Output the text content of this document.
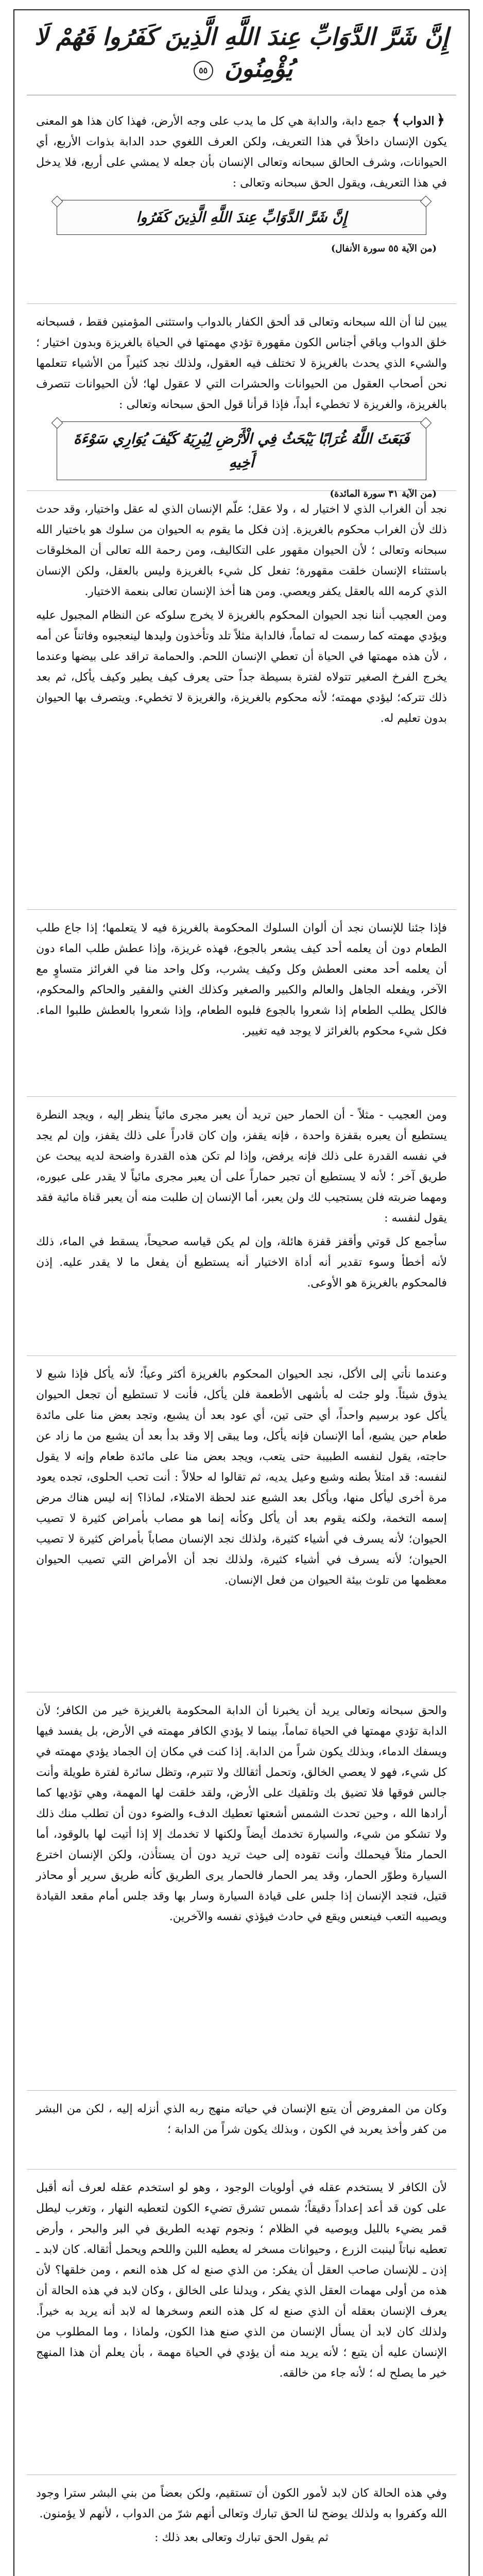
إِنَّ شَرَّ الدَّوَابِّ عِندَ اللَّهِ الَّذِينَ كَفَرُوا فَهُمْ لَا يُؤْمِنُونَ ٥٥

﴿الدواب﴾ جمع دابة، والدابة هي كل ما يدب على وجه الأرض، فهذا كان هذا هو المعنى يكون الإنسان داخلاً في هذا التعريف، ولكن العرف اللغوي حدد الدابة بذوات الأربع، أي الحيوانات، وشرف الحالق سبحانه وتعالى الإنسان بأن جعله لا يمشي على أربع، فلا يدخل في هذا التعريف، ويقول الحق سبحانه وتعالى :

إِنَّ شَرَّ الدَّوَابِّ عِندَ اللَّهِ الَّذِينَ كَفَرُوا
(من الآية ٥٥ سورة الأنفال)

يبين لنا أن الله سبحانه وتعالى قد ألحق الكفار بالدواب واستثنى المؤمنين فقط ، فسبحانه خلق الدواب وباقي أجناس الكون مقهورة تؤدي مهمتها في الحياة بالغريزة وبدون اختيار ؛ والشيء الذي يحدث بالغريزة لا تختلف فيه العقول، ولذلك نجد كثيراً من الأشياء تتعلمها نحن أصحاب العقول من الحيوانات والحشرات التي لا عقول لها؛ لأن الحيوانات تتصرف بالغريزة، والغريزة لا تخطيء أبداً، فإذا قرأنا قول الحق سبحانه وتعالى :

فَبَعَثَ اللَّهُ غُرَابًا يَبْحَثُ فِي الْأَرْضِ لِيُرِيَهُ كَيْفَ يُوَارِي سَوْءَةَ أَخِيهِ
(من الآية ٣١ سورة المائدة)

نجد أن الغراب الذي لا اختيار له ، ولا عقل؛ علّم الإنسان الذي له عقل واختيار، وقد حدث ذلك لأن الغراب محكوم بالغريزة. إذن فكل ما يقوم به الحيوان من سلوك هو باختيار الله سبحانه وتعالى ؛ لأن الحيوان مقهور على التكاليف، ومن رحمة الله تعالى أن المخلوقات باستثناء الإنسان خلقت مقهورة؛ تفعل كل شيء بالغريزة وليس بالعقل، ولكن الإنسان الذي كرمه الله بالعقل يكفر ويعصي. ومن هنا أخذ الإنسان تعالى بنعمة الاختيار.

ومن العجيب أننا نجد الحيوان المحكوم بالغريزة لا يخرج سلوكه عن النظام المجبول عليه ويؤدي مهمته كما رسمت له تماماً، فالدابة مثلاً تلد وتأخذون وليدها لينعجبوه وفاتناً عن أمه ، لأن هذه مهمتها في الحياة أن تعطي الإنسان اللحم. والحمامة تراقد على بيضها وعندما يخرج الفرخ الصغير تتولاه لفترة بسيطة جداً حتى يعرف كيف يطير وكيف يأكل، ثم بعد ذلك تتركه؛ ليؤدي مهمته؛ لأنه محكوم بالغريزة، والغريزة لا تخطيء. ويتصرف بها الحيوان بدون تعليم له.

فإذا جئنا للإنسان نجد أن ألوان السلوك المحكومة بالغريزة فيه لا يتعلمها؛ إذا جاع طلب الطعام دون أن يعلمه أحد كيف يشعر بالجوع، فهذه غريزة، وإذا عطش طلب الماء دون أن يعلمه أحد معنى العطش وكل وكيف يشرب، وكل واحد منا في الغرائز متساوٍ مع الآخر، ويفعله الجاهل والعالم والكبير والصغير وكذلك الغني والفقير والحاكم والمحكوم، فالكل يطلب الطعام إذا شعروا بالجوع فلبوه الطعام، وإذا شعروا بالعطش طلبوا الماء. فكل شيء محكوم بالغرائز لا يوجد فيه تغيير.

ومن العجيب - مثلاً - أن الحمار حين تريد أن يعبر مجرى مائياً ينظر إليه ، ويجد النطرة يستطيع أن يعبره بقفزة واحدة ، فإنه يقفز، وإن كان قادراً على ذلك يقفز، وإن لم يجد في نفسه القدرة على ذلك فإنه يرفض، وإذا لم تكن هذه القدرة واضحة لديه يبحث عن طريق آخر ؛ لأنه لا يستطيع أن تجبر حماراً على أن يعبر مجرى مائياً لا يقدر على عبوره، ومهما ضربته فلن يستجيب لك ولن يعبر، أما الإنسان إن طلبت منه أن يعبر قناة مائية فقد يقول لنفسه :

سأجمع كل قوتي وأقفز قفزة هائلة، وإن لم يكن قياسه صحيحاً، يسقط في الماء، ذلك لأنه أخطأ وسوء تقدير أنه أداة الاختيار أنه يستطيع أن يفعل ما لا يقدر عليه. إذن فالمحكوم بالغريزة هو الأوعى.

وعندما نأتي إلى الأكل، نجد الحيوان المحكوم بالغريزة أكثر وعياً؛ لأنه يأكل فإذا شبع لا يذوق شيئاً. ولو جئت له بأشهى الأطعمة فلن يأكل، فأنت لا تستطيع أن تجعل الحيوان يأكل عود برسيم واحداً، أي حتى تين، أي عود بعد أن يشبع، وتجد بعض منا على مائدة طعام حين يشبع، أما الإنسان فإنه يأكل، وما يبقى إلا وقد بدأ بعد أن يشبع من ما زاد عن حاجته، يقول لنفسه الطبيبة حتى يتعب، ويجد بعض منا على مائدة طعام وإنه لا يقول لنفسه: قد امتلأ بطنه وشبع وعيل يديه، ثم تقالوا له حلالاً : أنت تحب الحلوى، تجده يعود مرة أخرى ليأكل منها، ويأكل بعد الشبع عند لحظة الامتلاء، لماذا؟ إنه ليس هناك مرض إسمه التخمة، ولكنه يقوم بعد أن يأكل وكأنه إنما هو مصاب بأمراض كثيرة لا تصيب الحيوان؛ لأنه يسرف في أشياء كثيرة، ولذلك نجد الإنسان مصاباً بأمراض كثيرة لا تصيب الحيوان؛ لأنه يسرف في أشياء كثيرة، ولذلك نجد أن الأمراض التي تصيب الحيوان معظمها من تلوث بيئة الحيوان من فعل الإنسان.

والحق سبحانه وتعالى يريد أن يخبرنا أن الدابة المحكومة بالغريزة خير من الكافر؛ لأن الدابة تؤدي مهمتها في الحياة تماماً، بينما لا يؤدي الكافر مهمته في الأرض، بل يفسد فيها ويسفك الدماء، وبذلك يكون شراً من الدابة. إذا كنت في مكان إن الجماد يؤدي مهمته في كل شيء، فهو لا يعصي الخالق، وتحمل أثقالك ولا تتبرم، وتظل سائرة لفترة طويلة وأنت جالس فوقها فلا تضيق بك وتلقيك على الأرض، ولقد خلقت لها المهمة، وهي تؤديها كما أرادها الله ، وحين تحدث الشمس أشعتها تعطيك الدفء والضوء دون أن تطلب منك ذلك ولا تشكو من شيء، والسيارة تخدمك أيضاً ولكنها لا تخدمك إلا إذا أتيت لها بالوقود، أما الحمار مثلاً فيحملك وأنت تقوده إلى حيث تريد دون أن يستأذن، ولكن الإنسان اخترع السيارة وطوّر الحمار، وقد يمر الحمار فالحمار يرى الطريق كأنه طريق سرير أو محاذر قتيل، فتجد الإنسان إذا جلس على قيادة السيارة وسار بها وقد جلس أمام مقعد القيادة ويصيبه التعب فينعس ويقع في حادث فيؤذي نفسه والآخرين.

وكان من المفروض أن يتبع الإنسان في حياته منهج ربه الذي أنزله إليه ، لكن من البشر من كفر وأخذ يعربد في الكون ، وبذلك يكون شراً من الدابة ؛

لأن الكافر لا يستخدم عقله في أولويات الوجود ، وهو لو استخدم عقله لعرف أنه أقبل على كون قد أعد إعداداً دقيقاً؛ شمس تشرق تضيء الكون لتعطيه النهار ، وتغرب ليطل قمر يضيء بالليل ويوصيه في الظلام ؛ ونجوم تهديه الطريق في البر والبحر ، وأرض تعطيه نباتاً لينبت الزرع ، وحيوانات مسخر له يعطيه اللبن واللحم ويحمل أثقاله. كان لابد ـ إذن ـ للإنسان صاحب العقل أن يفكر: من الذي صنع له كل هذه النعم ، ومن خلقها؟ لأن هذه من أولى مهمات العقل الذي يفكر ، ويدلنا على الخالق ، وكان لابد في هذه الحالة أن يعرف الإنسان بعقله أن الذي صنع له كل هذه النعم وسخرها له لابد أنه يريد به خيراً. ولذلك كان لابد أن يسأل الإنسان من الذي صنع هذا الكون، ولماذا ، وما المطلوب من الإنسان عليه أن يتبع ؛ لأنه يريد منه أن يؤدي في الحياة مهمة ، بأن يعلم أن هذا المنهج خير ما يصلح له ؛ لأنه جاء من خالقه.

وفي هذه الحالة كان لابد لأمور الكون أن تستقيم، ولكن بعضاً من بني البشر سترا وجود الله وكفروا به ولذلك يوضح لنا الحق تبارك وتعالى أنهم شرّ من الدواب ، لأنهم لا يؤمنون.

ثم يقول الحق تبارك وتعالى بعد ذلك :
